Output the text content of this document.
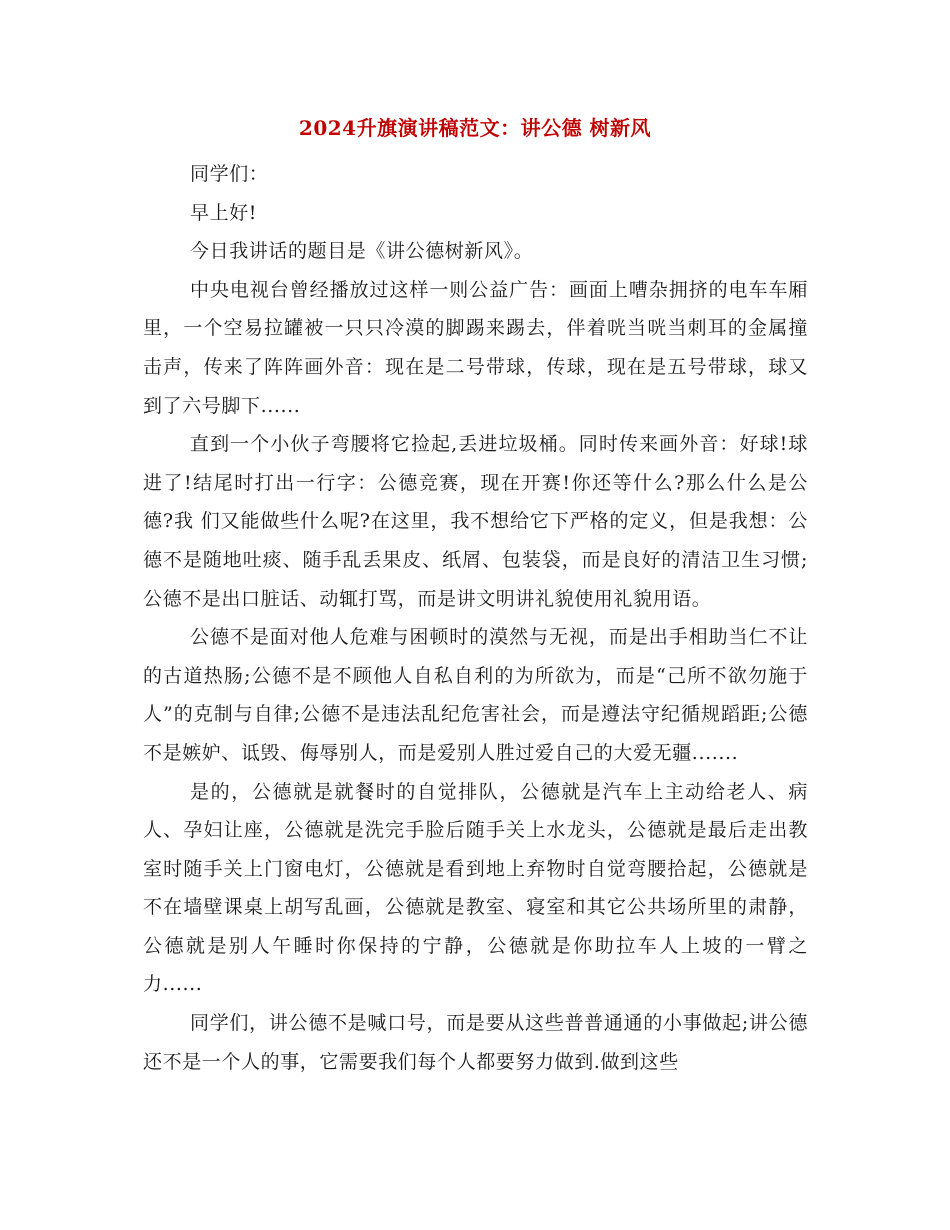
2024升旗演讲稿范文：讲公德 树新风

同学们：

早上好!

今日我讲话的题目是《讲公德树新风》。

中央电视台曾经播放过这样一则公益广告：画面上嘈杂拥挤的电车车厢里，一个空易拉罐被一只只冷漠的脚踢来踢去，伴着咣当咣当刺耳的金属撞击声，传来了阵阵画外音：现在是二号带球，传球，现在是五号带球，球又到了六号脚下......

直到一个小伙子弯腰将它捡起,丢进垃圾桶。同时传来画外音：好球!球进了!结尾时打出一行字：公德竞赛，现在开赛!你还等什么?那么什么是公德?我 们又能做些什么呢?在这里，我不想给它下严格的定义，但是我想：公德不是随地吐痰、随手乱丢果皮、纸屑、包装袋，而是良好的清洁卫生习惯;公德不是出口脏话、动辄打骂，而是讲文明讲礼貌使用礼貌用语。

公德不是面对他人危难与困顿时的漠然与无视，而是出手相助当仁不让的古道热肠;公德不是不顾他人自私自利的为所欲为，而是“己所不欲勿施于人”的克制与自律;公德不是违法乱纪危害社会，而是遵法守纪循规蹈距;公德不是嫉妒、诋毁、侮辱别人，而是爱别人胜过爱自己的大爱无疆.......

是的，公德就是就餐时的自觉排队，公德就是汽车上主动给老人、病人、孕妇让座，公德就是洗完手脸后随手关上水龙头，公德就是最后走出教室时随手关上门窗电灯，公德就是看到地上弃物时自觉弯腰拾起，公德就是不在墙壁课桌上胡写乱画，公德就是教室、寝室和其它公共场所里的肃静，公德就是别人午睡时你保持的宁静，公德就是你助拉车人上坡的一臂之力......

同学们，讲公德不是喊口号，而是要从这些普普通通的小事做起;讲公德还不是一个人的事，它需要我们每个人都要努力做到.做到这些
